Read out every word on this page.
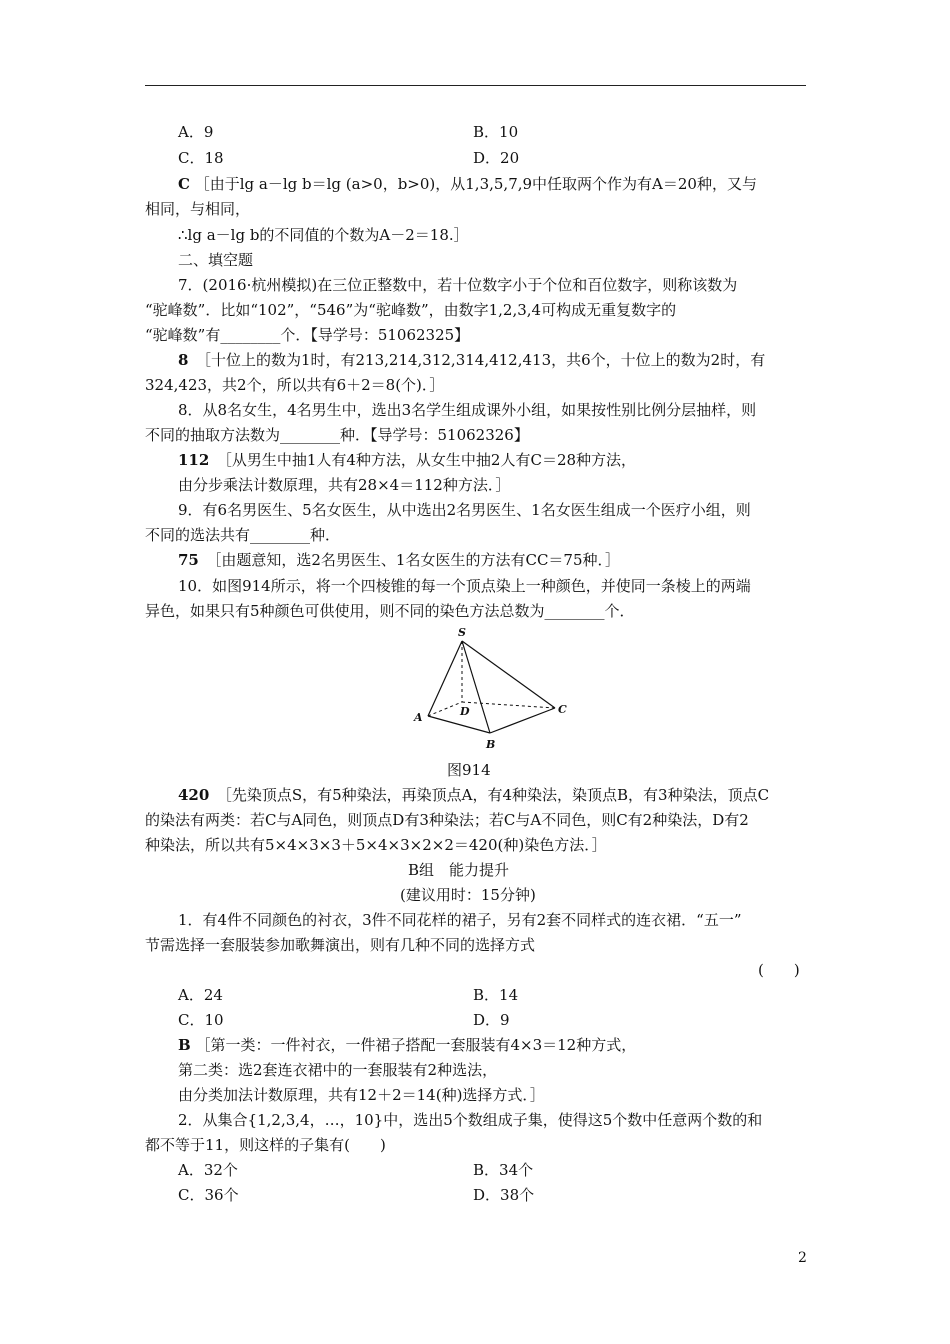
A．9	B．10
C．18	D．20
C ［由于lg a－lg b＝lg (a>0，b>0)，从1,3,5,7,9中任取两个作为有A＝20种，又与
相同，与相同，
∴lg a－lg b的不同值的个数为A－2＝18.］
二、填空题
7．(2016·杭州模拟)在三位正整数中，若十位数字小于个位和百位数字，则称该数为
“驼峰数”．比如“102”，“546”为“驼峰数”，由数字1,2,3,4可构成无重复数字的
“驼峰数”有________个．【导学号：51062325】
8　 ［十位上的数为1时，有213,214,312,314,412,413，共6个，十位上的数为2时，有
324,423，共2个，所以共有6＋2＝8(个)．］
8．从8名女生，4名男生中，选出3名学生组成课外小组，如果按性别比例分层抽样，则
不同的抽取方法数为________种．【导学号：51062326】
112　 ［从男生中抽1人有4种方法，从女生中抽2人有C＝28种方法，
由分步乘法计数原理，共有28×4＝112种方法．］
9．有6名男医生、5名女医生，从中选出2名男医生、1名女医生组成一个医疗小组，则
不同的选法共有________种．
75　 ［由题意知，选2名男医生、1名女医生的方法有CC＝75种．］
10．如图914所示，将一个四棱锥的每一个顶点染上一种颜色，并使同一条棱上的两端
异色，如果只有5种颜色可供使用，则不同的染色方法总数为________个．
S
A
B
C
D
图914
420　 ［先染顶点S，有5种染法，再染顶点A，有4种染法，染顶点B，有3种染法，顶点C
的染法有两类：若C与A同色，则顶点D有3种染法；若C与A不同色，则C有2种染法，D有2
种染法，所以共有5×4×3×3＋5×4×3×2×2＝420(种)染色方法．］
B组　能力提升
(建议用时：15分钟)
1．有4件不同颜色的衬衣，3件不同花样的裙子，另有2套不同样式的连衣裙．“五一”
节需选择一套服装参加歌舞演出，则有几种不同的选择方式
(　　)
A．24	B．14
C．10	D．9
B ［第一类：一件衬衣，一件裙子搭配一套服装有4×3＝12种方式，
第二类：选2套连衣裙中的一套服装有2种选法，
由分类加法计数原理，共有12＋2＝14(种)选择方式．］
2．从集合{1,2,3,4，…，10}中，选出5个数组成子集，使得这5个数中任意两个数的和
都不等于11，则这样的子集有(　　)
A．32个	B．34个
C．36个	D．38个
2
